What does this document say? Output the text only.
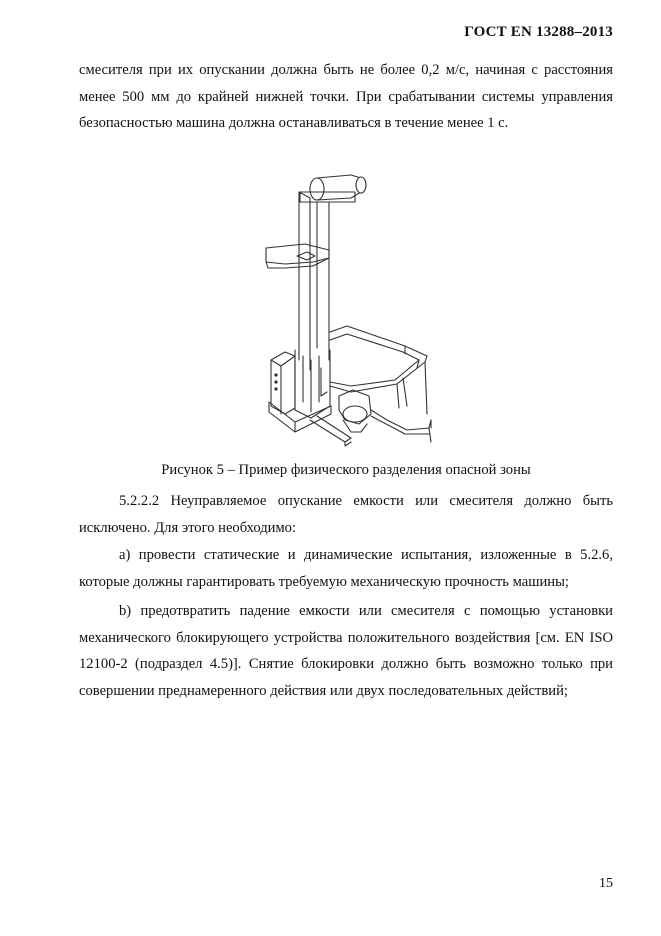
ГОСТ EN 13288–2013

смесителя при их опускании должна быть не более 0,2 м/с, начиная с расстояния менее 500 мм до крайней нижней точки. При срабатывании системы управления безопасностью машина должна останавливаться в течение менее 1 с.

Рисунок 5 – Пример физического разделения опасной зоны

5.2.2.2 Неуправляемое опускание емкости или смесителя должно быть исключено. Для этого необходимо:

а) провести статические и динамические испытания, изложенные в 5.2.6, которые должны гарантировать требуемую механическую прочность машины;

b) предотвратить падение емкости или смесителя с помощью установки механического блокирующего устройства положительного воздействия [см. EN ISO 12100-2 (подраздел 4.5)]. Снятие блокировки должно быть возможно только при совершении преднамеренного действия или двух последовательных действий;

15
